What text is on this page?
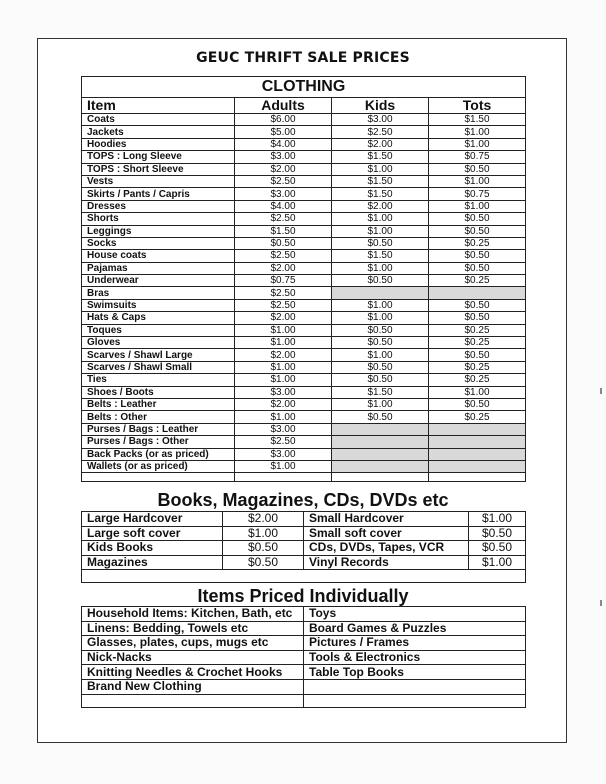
GEUC THRIFT SALE PRICES
CLOTHING			
Item	Adults	Kids	Tots
Coats	$6.00	$3.00	$1.50
Jackets	$5.00	$2.50	$1.00
Hoodies	$4.00	$2.00	$1.00
TOPS : Long Sleeve	$3.00	$1.50	$0.75
TOPS : Short Sleeve	$2.00	$1.00	$0.50
Vests	$2.50	$1.50	$1.00
Skirts / Pants / Capris	$3.00	$1.50	$0.75
Dresses	$4.00	$2.00	$1.00
Shorts	$2.50	$1.00	$0.50
Leggings	$1.50	$1.00	$0.50
Socks	$0.50	$0.50	$0.25
House coats	$2.50	$1.50	$0.50
Pajamas	$2.00	$1.00	$0.50
Underwear	$0.75	$0.50	$0.25
Bras	$2.50		
Swimsuits	$2.50	$1.00	$0.50
Hats & Caps	$2.00	$1.00	$0.50
Toques	$1.00	$0.50	$0.25
Gloves	$1.00	$0.50	$0.25
Scarves / Shawl Large	$2.00	$1.00	$0.50
Scarves / Shawl Small	$1.00	$0.50	$0.25
Ties	$1.00	$0.50	$0.25
Shoes / Boots	$3.00	$1.50	$1.00
Belts : Leather	$2.00	$1.00	$0.50
Belts : Other	$1.00	$0.50	$0.25
Purses / Bags : Leather	$3.00		
Purses / Bags : Other	$2.50		
Back Packs (or as priced)	$3.00		
Wallets (or as priced)	$1.00		

Books, Magazines, CDs, DVDs etc
Large Hardcover	$2.00	Small Hardcover	$1.00
Large soft cover	$1.00	Small soft cover	$0.50
Kids Books	$0.50	CDs, DVDs, Tapes, VCR	$0.50
Magazines	$0.50	Vinyl Records	$1.00

Items Priced Individually
Household Items: Kitchen, Bath, etc	Toys
Linens: Bedding, Towels etc	Board Games & Puzzles
Glasses, plates, cups, mugs etc	Pictures / Frames
Nick-Nacks	Tools & Electronics
Knitting Needles & Crochet Hooks	Table Top Books
Brand New Clothing	
